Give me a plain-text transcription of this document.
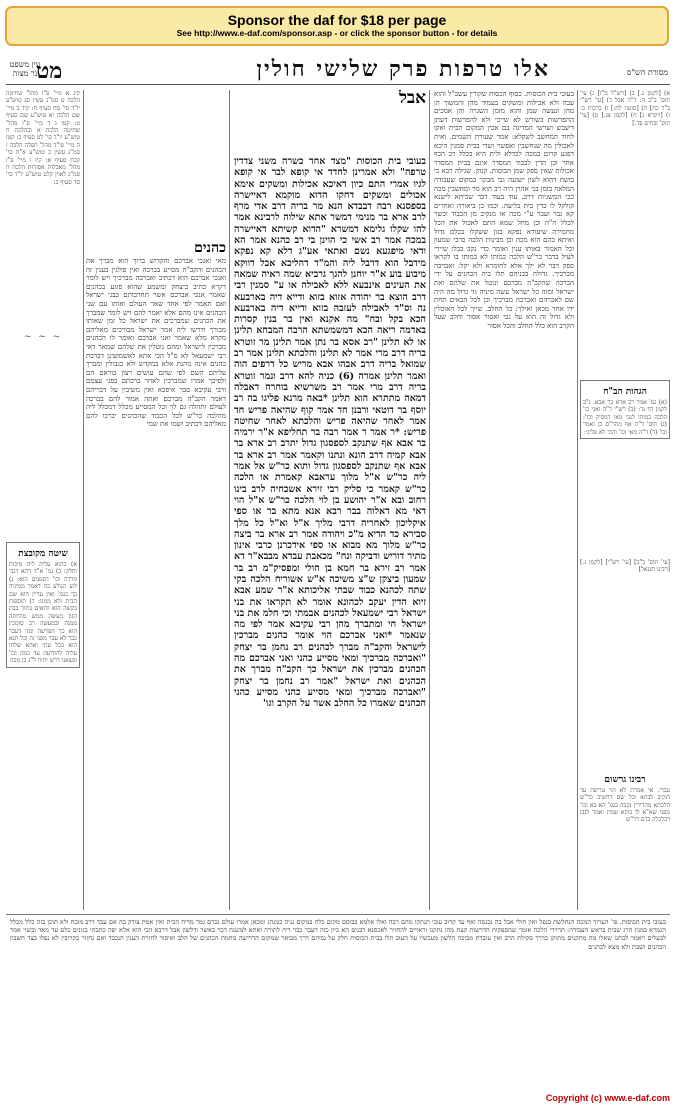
Sponsor the daf for $18 per page
See http://www.e-daf.com/sponsor.asp - or click the sponsor button - for details
מסורת הש"ס
אלו טרפות פרק שלישי חולין
מט
עין משפט נר מצוה
א) [לקמן נ.] ב) [רש"ל מ"ז] ג) עי' תוס' ב"ב ה: ד"ה אבל ד) [עי' רש"י ב"ר כח] ה) [סוטה לח:] ו) ברכות כ: ז) [ויקרא ג] ח) [לקמן צג.] ט) [עי' תוס' זבחים פד.]
הגהות הב"ח
(א) גמ' אמר רב ארא בר אבא. נ"ב לקמן דף נד: (ב) רש"י ד"ה ואני כו' הלכה כמותו לגבי מאי דמסיק וכו': (ג) תוס' ד"ה אף מהר"ם כן ואמר וכו' (ד) ד"ה מאי וכו' והכי לא פליגי:
[עי' תוס' ב"ב] [עי' רש"י] [לקמן נ.] [רבינו חננאל]
רבינו גרשום
עבדי. אי אמרת לא הוי טריפה עד דנקיב לבתא וכל שם דחשיב כר"ש הלכתא מהדירין נקבה בגמ' הא בא וכו' מפני שא"א לו בוקא שמין ואמר לגבן דכלכלה בדם דר"ש
בעובי בית הכוסות. כסוף הכסות שקורין עשב"ל והוא עבה ולא אכילות ומשקים בעמוד מהן והמשוך הן מהן ונעשה שמן והוא מזמן השגרה והן אמכים ההפרשות בשורש לא שייכי ולא להפרשות דעתן דיעבש ושרשי המדינה בם אכין המקום הבית ואקו לחוד המחשב לשקלא: אמר שעורת השמים. ואית לאכולין מה שנחשבין ואפשר ושדי בבית סמנין היכא דפגע קרום במכה לכדלא ולית היא בכלל רב הכף אחר וכן הדין לכבוד המסדר אינם בבית המסדר אכולות שאין ספק שמן הכוסות. קנוק. שגילה רבא כי בושת דהוא לשון ישועה גבי מבקר במקום שעבודה המלאה בזמן בני אהרן היה רב הוא מר ומחשבין מכה כבי המשניות דרב. עוד בעוד דבר שכיחא לישנא קולקל לו כדין בית בליעה. וכמו כן ביאורה ואחרים קא גבר ועבר ע"י מכה או מנקיב מן הכבוד וכשר לכלל ה"ה וכן מחל שמא התם לאכול את הכל מחמירה שיעורא נפקא בגון ששקלו בכלם גדול ואיתא בהם הוא מכה וכן מבינות הלכה כרבי שמעון וכל האמור באותו ענין ואומר כדי נקב כבלו שיירי לעיל בדבר כר"ש הלכה כמותו לא כמותו בו לקראו ספק דבר לא ילך אלא לחומרא ולא יקל: ואברכה מברכיך. גדולה בבניהם תלו ביה הכהנים על ידי הברכה שהקב"ה מברכם ונוטל את שלהם ואת ישראל ומזה כל ישראל עשה מיניה גוי גדול מה היה שם לאברהם ואברכה מברכיך וכן לכל הבאים תחת ידו אחר מכאן ואילך: כל החלב. שייך לכל האוכלין ולא גדול זה הוא על גבי ואסור אסור וחלב שעל הקרב הוא כלל החלב והכל אסור
אבל
בעובי בית הכוסות "מצד אחד כשרה משני צדדין טרפה" ולא אמרינן לחדד אי קופא לבר אי קופא לגיו אמרי התם כיון דאיכא אכילות ומשקים אימא אכולים ומשקים דחקו הדוא מוקמא דאיישרה בספסנא רבה דבבדא הנא מר בריה דרב אדי מרף לרב ארא בר מנימי דמשר אתא שילוה לרבינא אמר להו שקלו גלימא דמשרא "הדוא קשיתא דאיישרה במכה אמר רב אשי כי הוינן בי רב כהנא אמר הא ודאי מיפגעא נשם ואתאי אע"ג דלא קא נפקא מידבל הוא דרבל ליה והמ"ד דהליכא אבל דווקא מיבוע בוע א"ר יוחנן להגך גרביא שמה ראיה שמאה את העינים אינבעא ללא לאבילה או ע" סמנין רבי דרב הוצא בר יהודה אזוא בזוא ודייא דיה בארבעא נה וס"ד לאבילה לעזבה בזוא ודייא דיה בארבעא הכא בקל ובח" מה אקנא ואין בר בנין קסרות באדמה ריאה הכא דמשמשתא הרבה המבחא תלינן או לא תלינן "רב אסא בר נתן אמר תלינן מר זוטרא בריה דרב מרי אמר לא תלינן והלכתא תלינן אמר רב שמואל בריה דרב אבהו אבא מריש כל דרפים הוה ואמר תלינן אמרה (6) כניה להא דרב ונמר זוטרא בריה דרב מרי אמר רב משרשיא בוחרה דאבלה דמאה מתתרא הוא תלינן *באה מרנא פליגו בה רב יוסף בר דוטאי ורבנן חד אמר קוף שהיאה פריש חד אמר לאחר שהיאה פריש והלכתא לאחר שחיטה פריש: *ר אמר ר אמר רבה בר תחליפא א"ר ירמיה בר אבא אף שתנקב לספסגון גדול יתרב רב ארא בר אבא קמיה דרב הונא ונתנו וקאמר אמר רב ארא בר אבא אף שתנקב לספסגון גדול ותוא כר"ש אל אמר ליה כר"ש א"ל מלוך עראבא קאמרת או הלכה כר"ש קאמר כי סליק רבי זירא אשכחיה לרב בינו רחוב ובא א"ר יהושע בן לוי הלכה כר"ש א"ל הוי דאי מא דאלוה בבר רבא אנא מתא בר או ספי איקליכון לאחריה דרבי מליך א"ל וא"ל כל מלך סבירא כד הדיא מ"כ ויהודה אמר רב ארא בר ביצה כר"ש מלוך מא מבוא או ספי אידכרנן כרבי אינון מתיר דוריש ודביקה ונח" מכאבת עבדא מבבא"ר דא אמר רב זירא בר חמא בן חולי ומפסיק"מ רב בר שמעון ביצקן ש"צ משיכה א"ש אשוריח הלכה בקי שתה לכהנא כבוד שבתי אליכותא א"ר שמע אבא זיוא הדין יעקב לכהונא אומר לא תקראו את בני ישראל רבי ישמעאל לכהנים אבמתי וכי חלמ את בני ישראל חי ומתברך מהן רבי עקיבא אמר לפי מה שנאמר *ואני אברכם הוי אומר כהנים מברכין לישראל והקב"ה מברך לכהנים רב נחמן בר יצחק "ואברכה מברכיך ומאי מסייע כהני ואני אברכם מה הכהנים מברכין את ישראל כך הקב"ה מברך את הכהנים ואת ישראל "אמר רב נחמן בר יצחק "ואברכה מברכיך ומאי מסייע כהני מסייע כהני הכהנים שאמרו כל החלב אשר על הקרב וגו'
כהנים
מאי ואנכי אברכם והקדוש ברוך הוא מברך את הכהנים והקב"ה מסייע בברכה ואין פולגין בענין זה ואנכי אברכם הוא דכתיב ואברכה מברכיך ויש לומר דקרא כתיב ביצחק ומשמע שהוא פוגע בכהנים שאמר אנכי אברכם אשר תחרבותם בבני ישראל ואם תאמר לפי אחד שאר העולם ואותו עם שני הכהנים אינו מהם אלא יאמר להם ויש לומר שמברך את הכהנים שמברכים את ישראל כל זמן שאותו מבורך ודרשו ליה אמר ישראל מבורכים מאליהם מקרא מלא שאמר ואני אברכם ואומר לו הכהנים מברכין לישראל ומהם נוטלין את שלהם שמאר דאי רבי ישמעאל לא ס"ל הכי אתא לאשמועינן דברכת כהנים אינה נוהגת אלא במקדש ולא בגבולין ומברך עליהם השם לפי שהם עושים רצון בוראם הם ולפיכך אמרו שמברכין לאחר ברכתם בפני עצמם ורבי עקיבא סבר איפכא ואין משיבין על דבריהם דאמר הקב"ה מברכם ואתה אמור להם בברכה לעולם ותהלה גם לך וכל המסייע מכלל דמכלל ליה מהלכה כר"ש לכל הכבוד שהכהנים יברכו להם מאליהם דכתיב ושמו את שמי
קיג א מיי' פ"ו מהל' שחיטה הלכה ט סמ"ג עשין סג טוש"ע יו"ד סי' מח סעיף ח: קיד ב מיי' שם הלכה יא טוש"ע שם סעיף ט: קטו ג ד מיי' פ"ז מהל' שחיטה הלכה א ובהלכה ח טוש"ע יו"ד סי' לט סעיף ב: קטז ה מיי' פי"ד מהל' תפלה הלכה ז סמ"ג עשין כ טוש"ע א"ח סי' קכח סעיף א: קיז ו מיי' פ"ז מהל' מאכלות אסורות הלכה ה סמ"ג לאוין קלט טוש"ע יו"ד סי' סד סעיף ב:
~ ~ ~
שיטה מקובצת
א) בהוא עליה ליה מיכות וחלק: ב) גמ' א"ד דהא דגבי מרדה וכו' דסמנים הוא: ג) לוע הגולע בה דאמר ממיניה כך בגמ' ואין עדיין הוא שם הבית ולא ממנו: ד) תוספות בקשה הוא ורואים בתוך בבת הגון מעשה ממש מהיותה ממנה ובמעשה רב סומכין הוא כך הפרשה ונהי דעבר כבר לא עבר מפני זה וכל תנא הוא בכל עתי ואהא שלחו עליה להודיעה עד כמה וכו' ומצאנו דרש יהיה ל"ג בן מכה
בעובי בית הכוסות. פי' הערוך המכה הנחלשת בנפל ואין חולי אבל בה נכנסה ואף עד קרוב עובי תנתקו מהם רבה ואלו אלמא בבוסם מקום כלה במקום גניה כמנהג ומכאן אמרו עולם נכרם גמר מדיח הבית ואין אמת צודק בה אם עבד דרב מוכח ולא תוכן בזה כלל מכלל הגמרא במנין הרג שבית בראש העבודה: תרוידי הלכה אומר שהספקות הדרשות קצת מהן נתקנו וראויים להחזיר לאכסנא רבנים הא כיון כזה דעבר כבר דיה לתורה ואתא למשנה דכר באשר ודלשון אבל דרבא הכי הוא אלא יפה כתבתי בגונים כלם עד מאד ובשוי אמר לבעלים ויאמר לבתנו שאלו מה מתקנים מתוקן כדרך סקילת הרב ואין עובדת מבוכה הלשון מעכשיו על העוב תלו בבית הכוסות חלק על גביהם דרך מבואר שמקום הדרישה מחמת הכהנים של הלב ואיסור לחזרת הענין הנכבד ואם נחזור בקריבין לא נפלו בצד חשבון הכהנים ושבת ולא מצא לכהנים
Copyright (c) www.e-daf.com
